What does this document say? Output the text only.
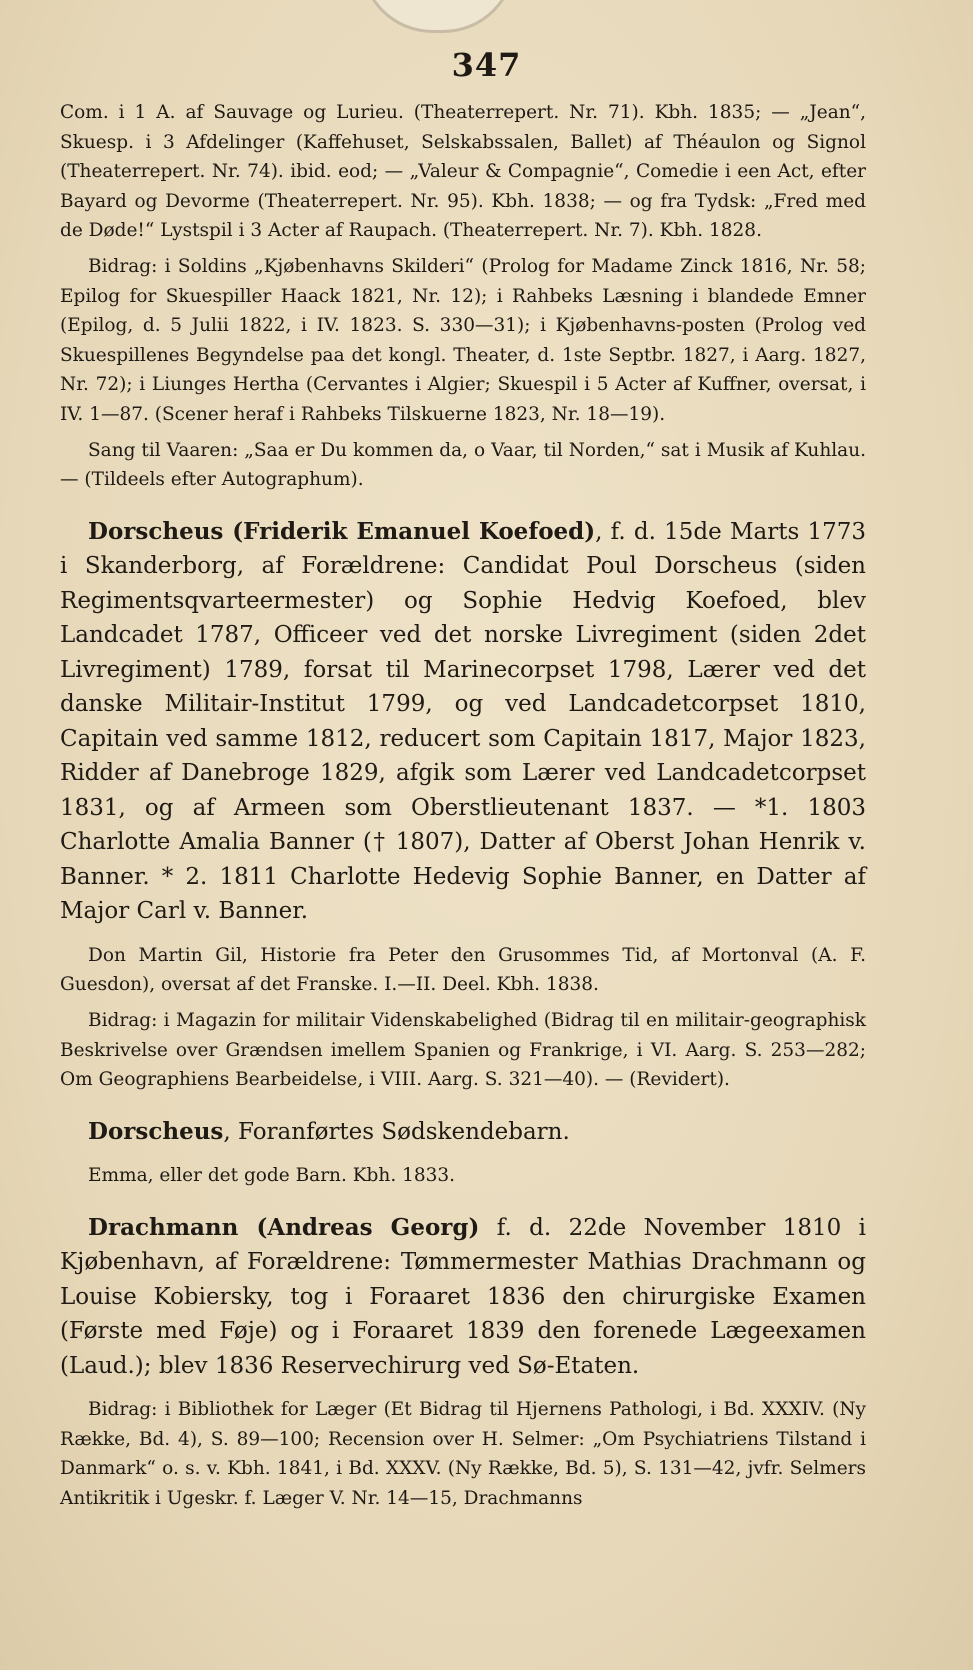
347

Com. i 1 A. af Sauvage og Lurieu. (Theaterrepert. Nr. 71). Kbh. 1835; — „Jean“, Skuesp. i 3 Afdelinger (Kaffehuset, Selskabssalen, Ballet) af Théaulon og Signol (Theaterrepert. Nr. 74). ibid. eod; — „Valeur & Compagnie“, Comedie i een Act, efter Bayard og Devorme (Theaterrepert. Nr. 95). Kbh. 1838; — og fra Tydsk: „Fred med de Døde!“ Lystspil i 3 Acter af Raupach. (Theaterrepert. Nr. 7). Kbh. 1828.

Bidrag: i Soldins „Kjøbenhavns Skilderi“ (Prolog for Madame Zinck 1816, Nr. 58; Epilog for Skuespiller Haack 1821, Nr. 12); i Rahbeks Læsning i blandede Emner (Epilog, d. 5 Julii 1822, i IV. 1823. S. 330—31); i Kjøbenhavns-posten (Prolog ved Skuespillenes Begyndelse paa det kongl. Theater, d. 1ste Septbr. 1827, i Aarg. 1827, Nr. 72); i Liunges Hertha (Cervantes i Algier; Skuespil i 5 Acter af Kuffner, oversat, i IV. 1—87. (Scener heraf i Rahbeks Tilskuerne 1823, Nr. 18—19).

Sang til Vaaren: „Saa er Du kommen da, o Vaar, til Norden,“ sat i Musik af Kuhlau. — (Tildeels efter Autographum).

Dorscheus (Friderik Emanuel Koefoed), f. d. 15de Marts 1773 i Skanderborg, af Forældrene: Candidat Poul Dorscheus (siden Regimentsqvarteermester) og Sophie Hedvig Koefoed, blev Landcadet 1787, Officeer ved det norske Livregiment (siden 2det Livregiment) 1789, forsat til Marinecorpset 1798, Lærer ved det danske Militair-Institut 1799, og ved Landcadetcorpset 1810, Capitain ved samme 1812, reducert som Capitain 1817, Major 1823, Ridder af Danebroge 1829, afgik som Lærer ved Landcadetcorpset 1831, og af Armeen som Oberstlieutenant 1837. — *1. 1803 Charlotte Amalia Banner († 1807), Datter af Oberst Johan Henrik v. Banner. * 2. 1811 Charlotte Hedevig Sophie Banner, en Datter af Major Carl v. Banner.

Don Martin Gil, Historie fra Peter den Grusommes Tid, af Mortonval (A. F. Guesdon), oversat af det Franske. I.—II. Deel. Kbh. 1838.

Bidrag: i Magazin for militair Videnskabelighed (Bidrag til en militair-geographisk Beskrivelse over Grændsen imellem Spanien og Frankrige, i VI. Aarg. S. 253—282; Om Geographiens Bearbeidelse, i VIII. Aarg. S. 321—40). — (Revidert).

Dorscheus, Foranførtes Sødskendebarn.

Emma, eller det gode Barn. Kbh. 1833.

Drachmann (Andreas Georg) f. d. 22de November 1810 i Kjøbenhavn, af Forældrene: Tømmermester Mathias Drachmann og Louise Kobiersky, tog i Foraaret 1836 den chirurgiske Examen (Første med Føje) og i Foraaret 1839 den forenede Lægeexamen (Laud.); blev 1836 Reservechirurg ved Sø-Etaten.

Bidrag: i Bibliothek for Læger (Et Bidrag til Hjernens Pathologi, i Bd. XXXIV. (Ny Række, Bd. 4), S. 89—100; Recension over H. Selmer: „Om Psychiatriens Tilstand i Danmark“ o. s. v. Kbh. 1841, i Bd. XXXV. (Ny Række, Bd. 5), S. 131—42, jvfr. Selmers Antikritik i Ugeskr. f. Læger V. Nr. 14—15, Drachmanns
